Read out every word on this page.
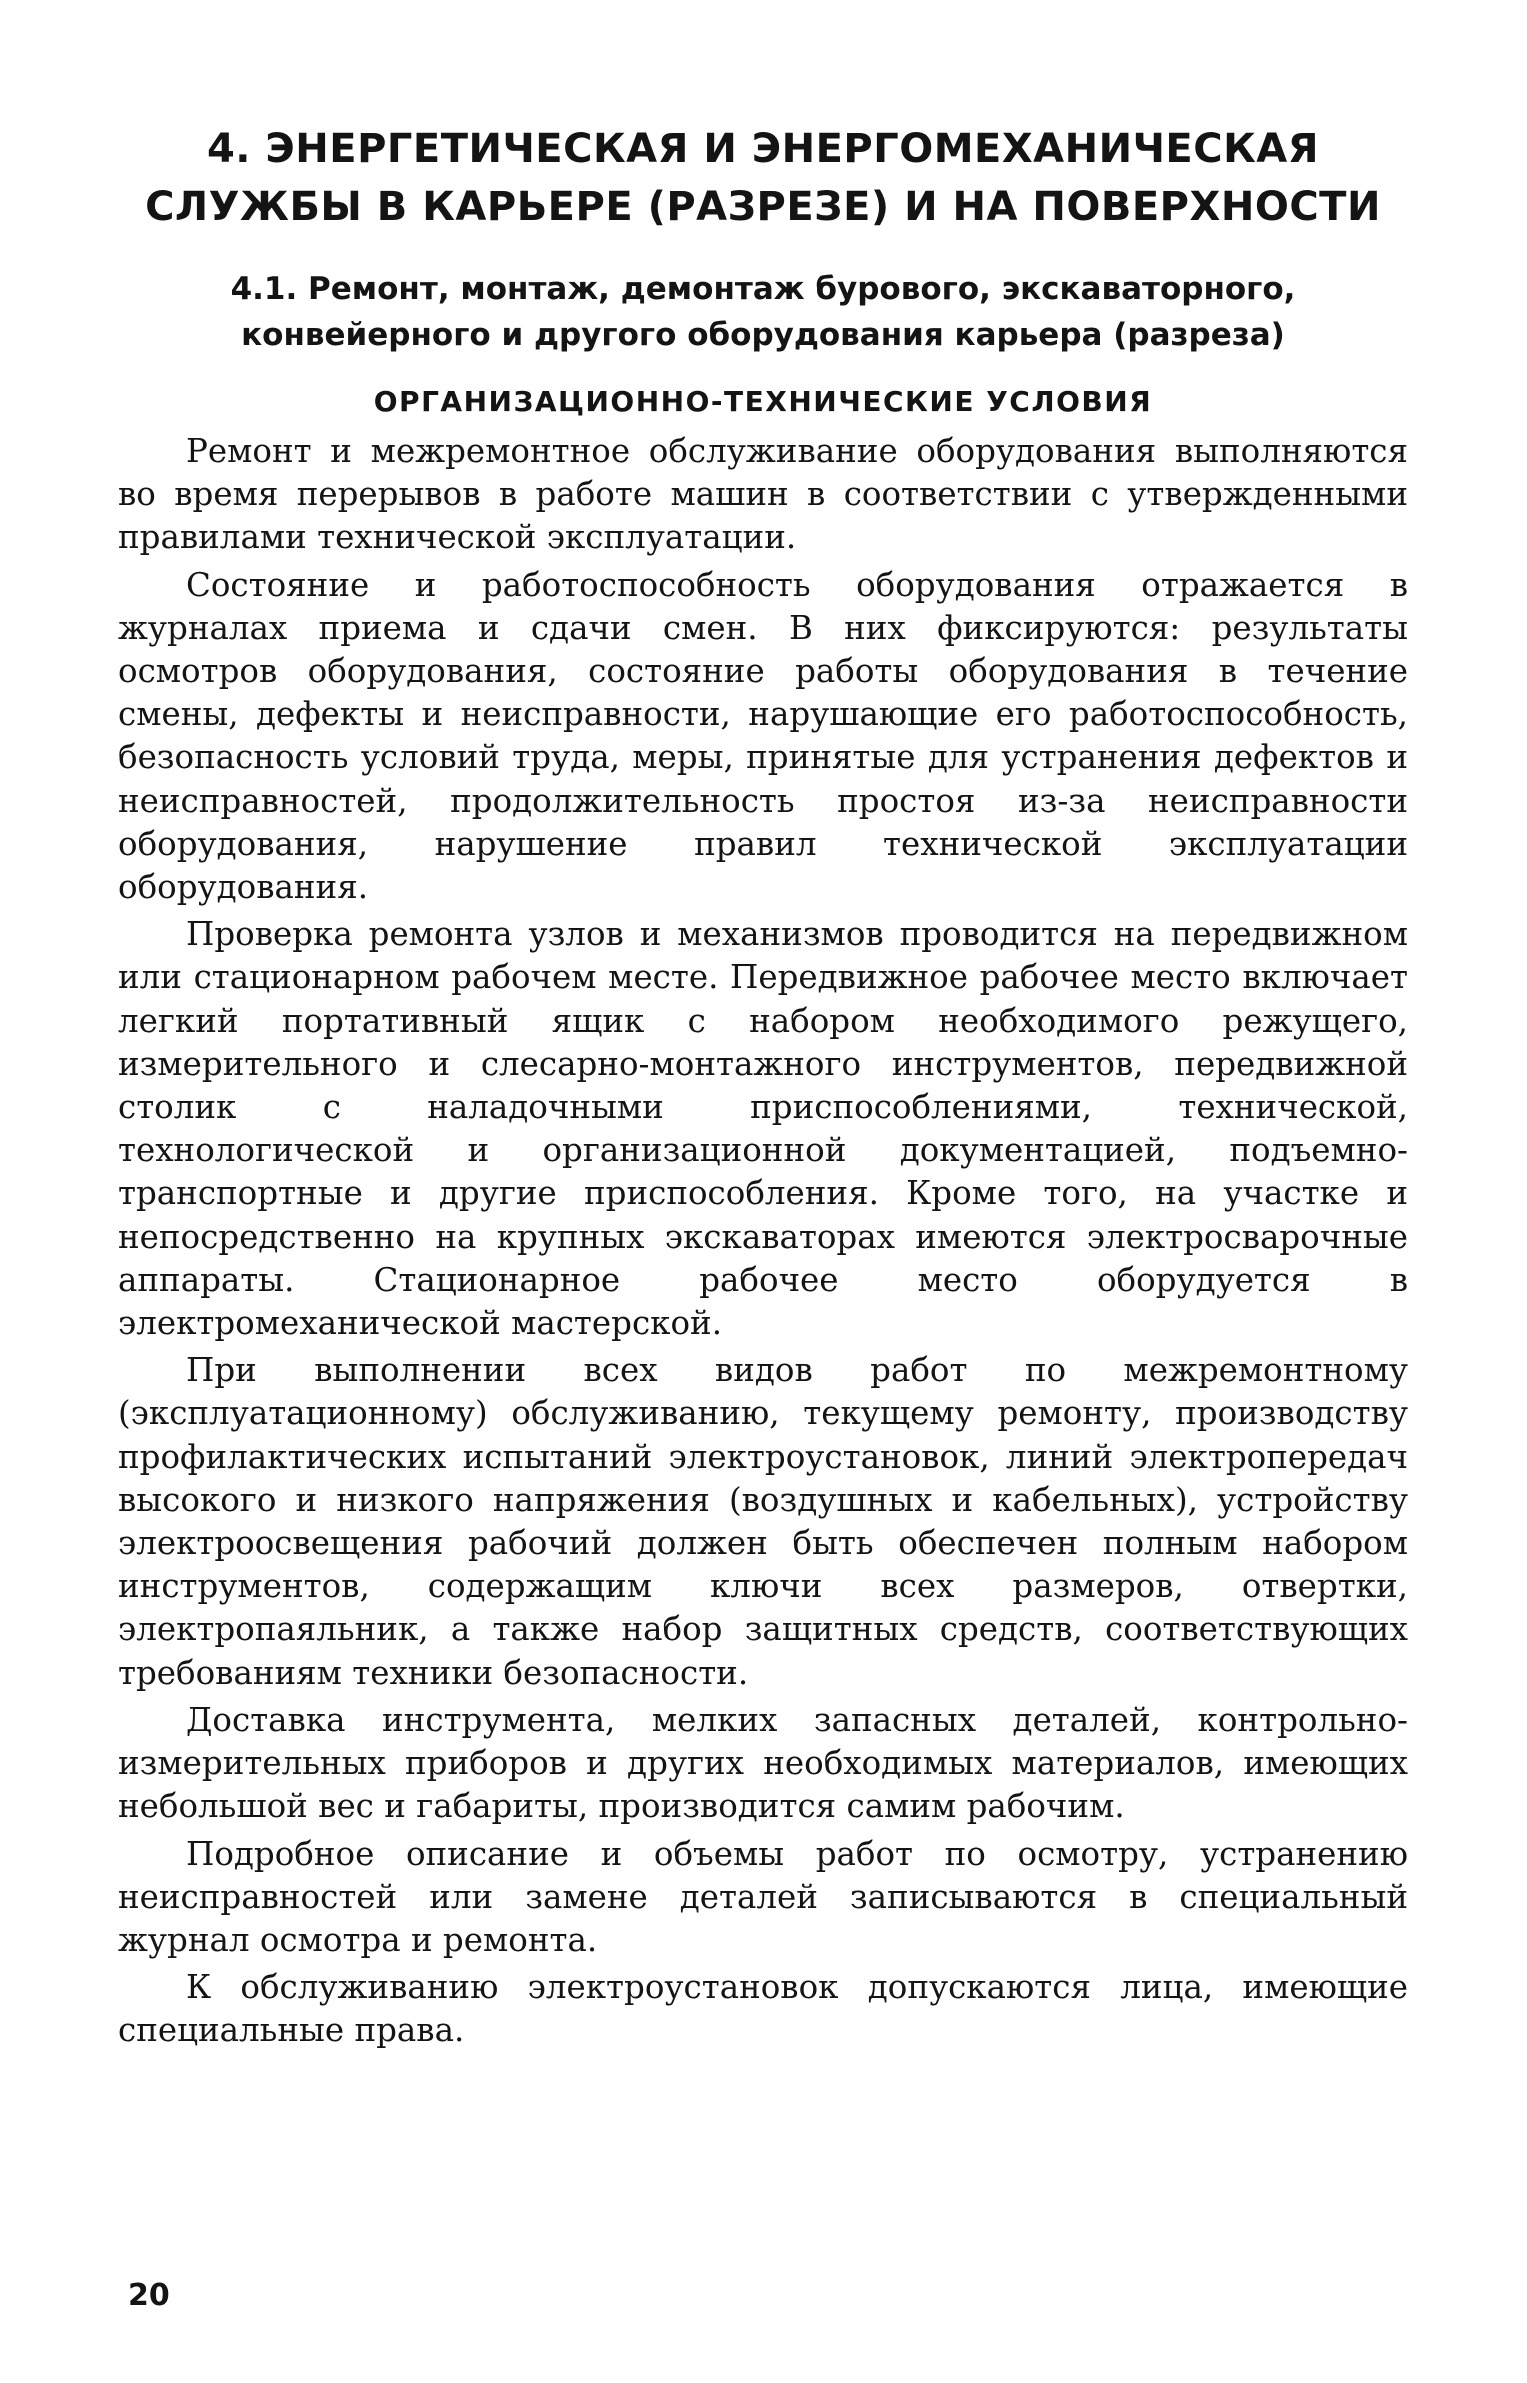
4. ЭНЕРГЕТИЧЕСКАЯ И ЭНЕРГОМЕХАНИЧЕСКАЯ
СЛУЖБЫ В КАРЬЕРЕ (РАЗРЕЗЕ) И НА ПОВЕРХНОСТИ
4.1. Ремонт, монтаж, демонтаж бурового, экскаваторного,
конвейерного и другого оборудования карьера (разреза)
ОРГАНИЗАЦИОННО-ТЕХНИЧЕСКИЕ УСЛОВИЯ

Ремонт и межремонтное обслуживание оборудования выполняются во время перерывов в работе машин в соответствии с утвержденными правилами технической эксплуатации.

Состояние и работоспособность оборудования отражается в журналах приема и сдачи смен. В них фиксируются: результаты осмотров оборудования, состояние работы оборудования в течение смены, дефекты и неисправности, нарушающие его работоспособность, безопасность условий труда, меры, принятые для устранения дефектов и неисправностей, продолжительность простоя из-за неисправности оборудования, нарушение правил технической эксплуатации оборудования.

Проверка ремонта узлов и механизмов проводится на передвижном или стационарном рабочем месте. Передвижное рабочее место включает легкий портативный ящик с набором необходимого режущего, измерительного и слесарно-монтажного инструментов, передвижной столик с наладочными приспособлениями, технической, технологической и организационной документацией, подъемно-транспортные и другие приспособления. Кроме того, на участке и непосредственно на крупных экскаваторах имеются электросварочные аппараты. Стационарное рабочее место оборудуется в электромеханической мастерской.

При выполнении всех видов работ по межремонтному (эксплуатационному) обслуживанию, текущему ремонту, производству профилактических испытаний электроустановок, линий электропередач высокого и низкого напряжения (воздушных и кабельных), устройству электроосвещения рабочий должен быть обеспечен полным набором инструментов, содержащим ключи всех размеров, отвертки, электропаяльник, а также набор защитных средств, соответствующих требованиям техники безопасности.

Доставка инструмента, мелких запасных деталей, контрольно-измерительных приборов и других необходимых материалов, имеющих небольшой вес и габариты, производится самим рабочим.

Подробное описание и объемы работ по осмотру, устранению неисправностей или замене деталей записываются в специальный журнал осмотра и ремонта.

К обслуживанию электроустановок допускаются лица, имеющие специальные права.

20
